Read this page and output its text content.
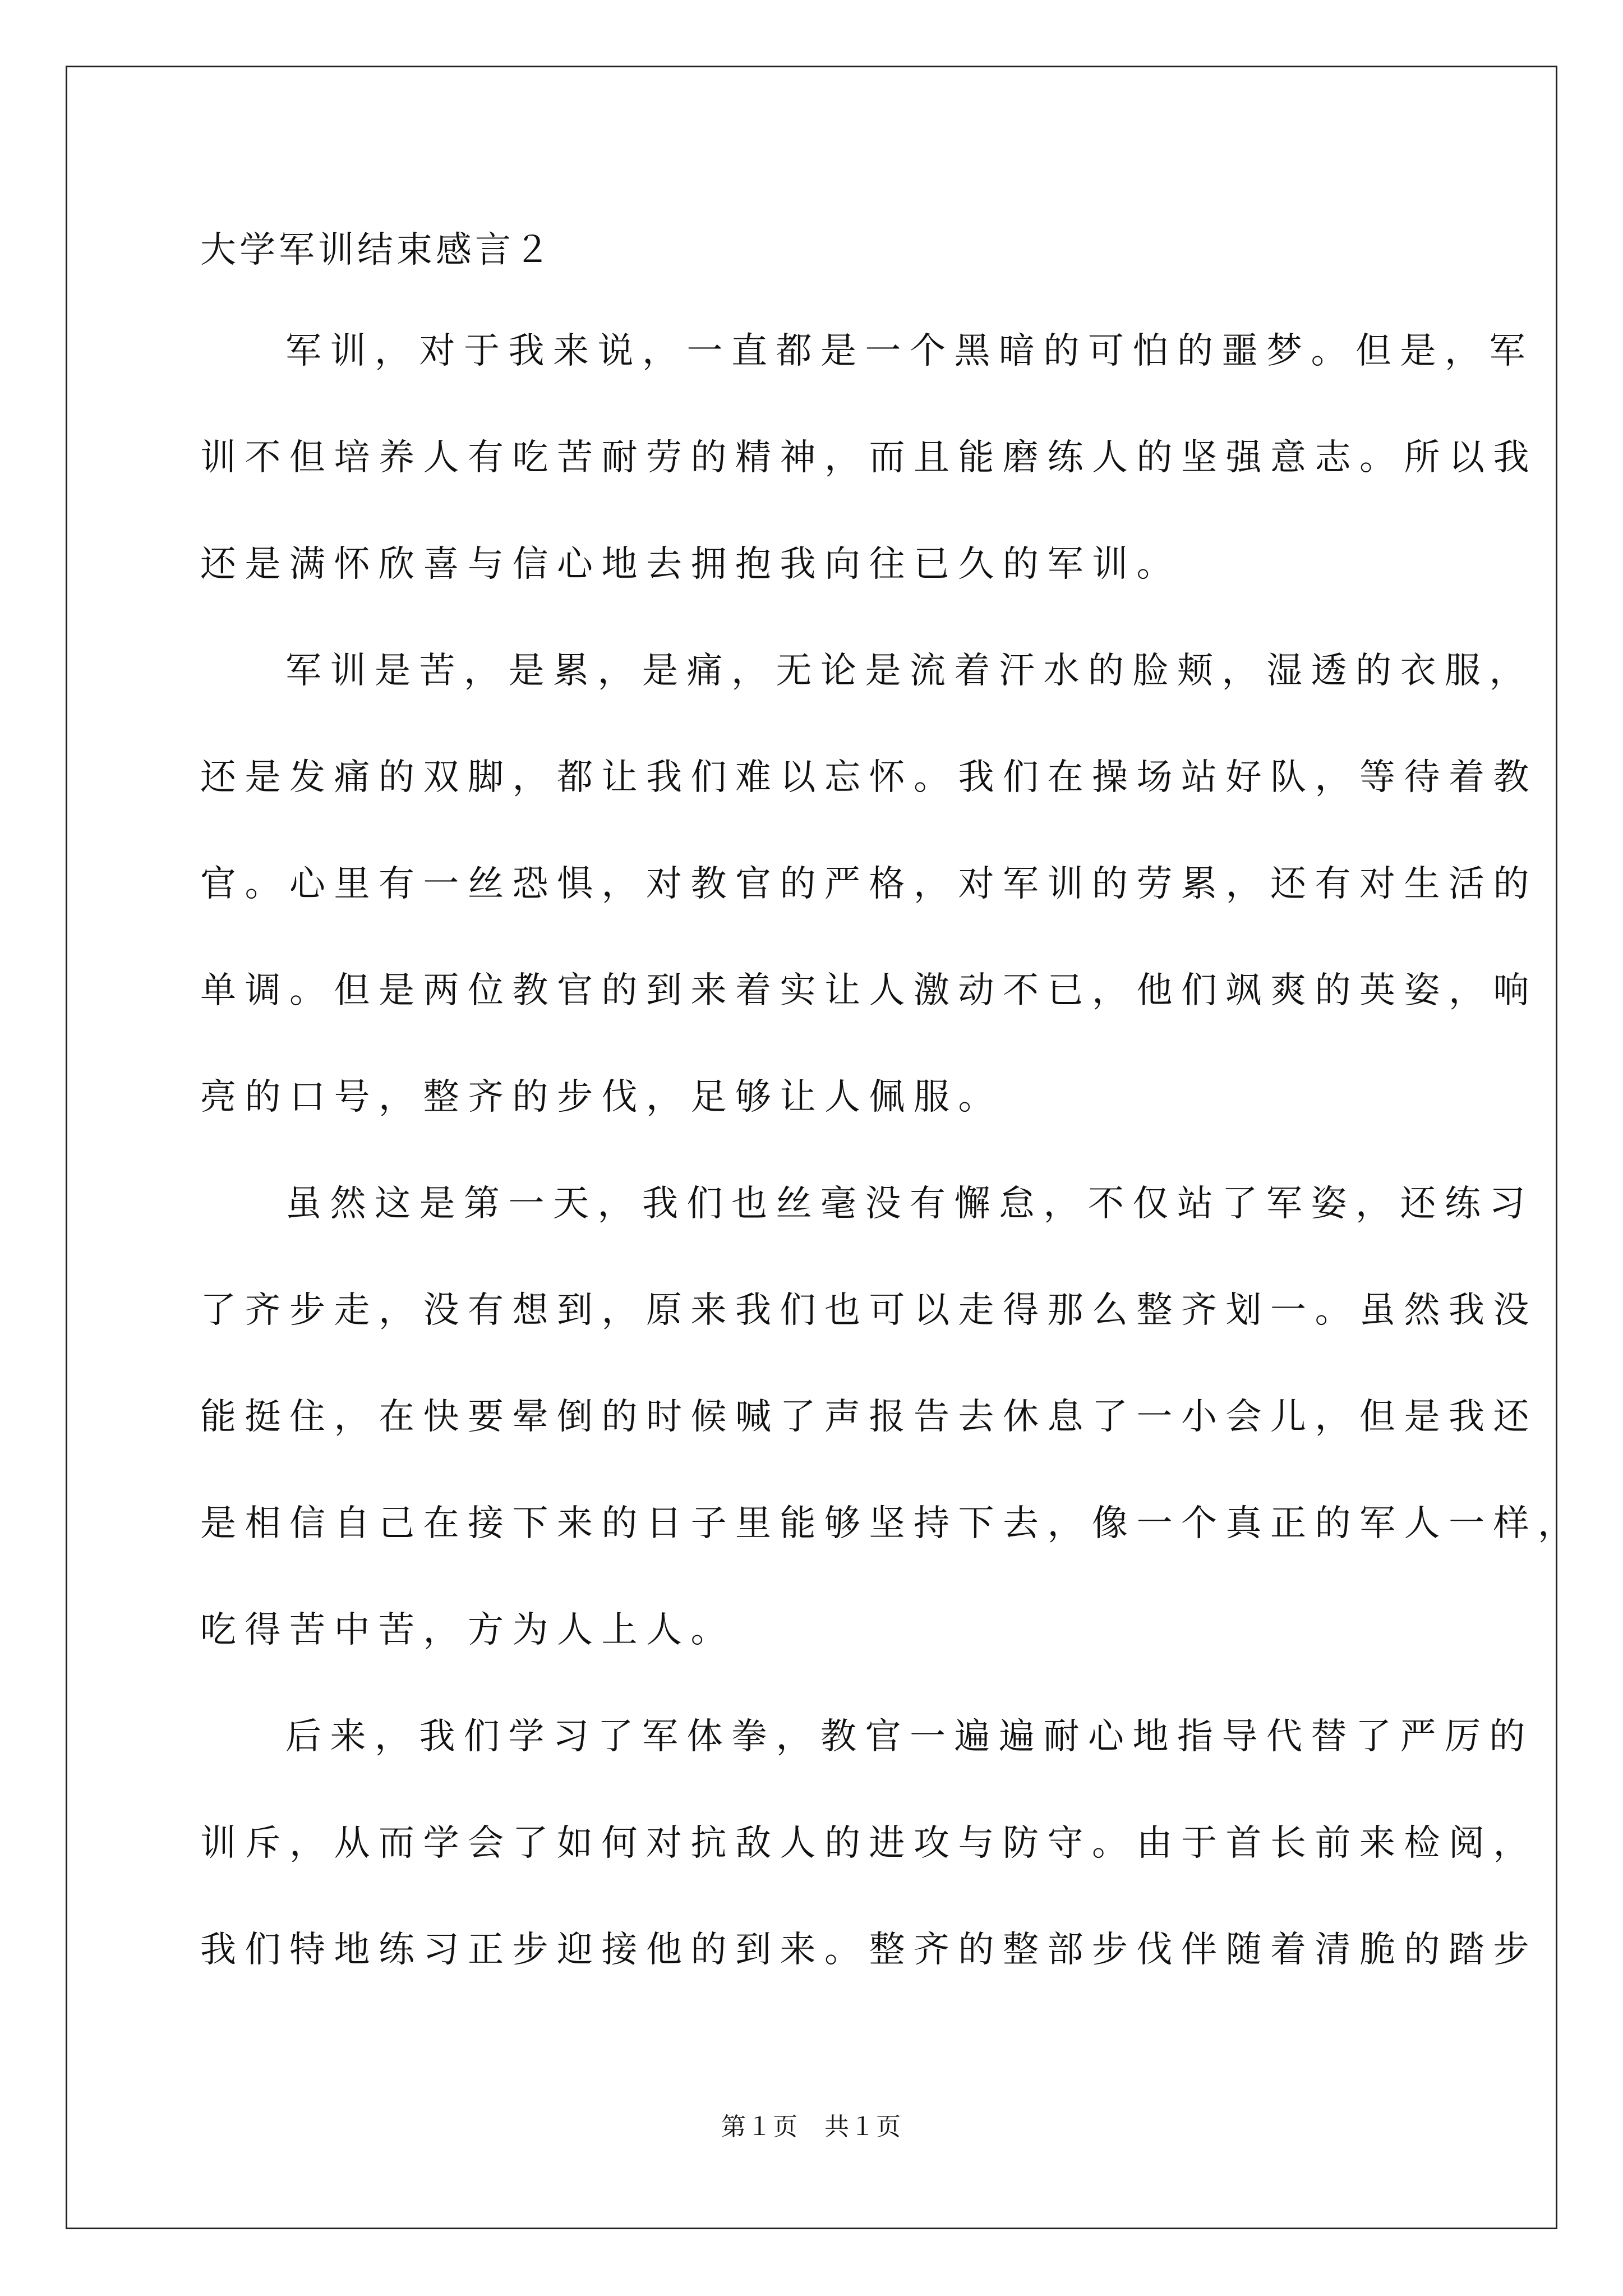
大学军训结束感言２
军训，对于我来说，一直都是一个黑暗的可怕的噩梦。但是，军
训不但培养人有吃苦耐劳的精神，而且能磨练人的坚强意志。所以我
还是满怀欣喜与信心地去拥抱我向往已久的军训。
军训是苦，是累，是痛，无论是流着汗水的脸颊，湿透的衣服，
还是发痛的双脚，都让我们难以忘怀。我们在操场站好队，等待着教
官。心里有一丝恐惧，对教官的严格，对军训的劳累，还有对生活的
单调。但是两位教官的到来着实让人激动不已，他们飒爽的英姿，响
亮的口号，整齐的步伐，足够让人佩服。
虽然这是第一天，我们也丝毫没有懈怠，不仅站了军姿，还练习
了齐步走，没有想到，原来我们也可以走得那么整齐划一。虽然我没
能挺住，在快要晕倒的时候喊了声报告去休息了一小会儿，但是我还
是相信自己在接下来的日子里能够坚持下去，像一个真正的军人一样，
吃得苦中苦，方为人上人。
后来，我们学习了军体拳，教官一遍遍耐心地指导代替了严厉的
训斥，从而学会了如何对抗敌人的进攻与防守。由于首长前来检阅，
我们特地练习正步迎接他的到来。整齐的整部步伐伴随着清脆的踏步
第１页　共１页
